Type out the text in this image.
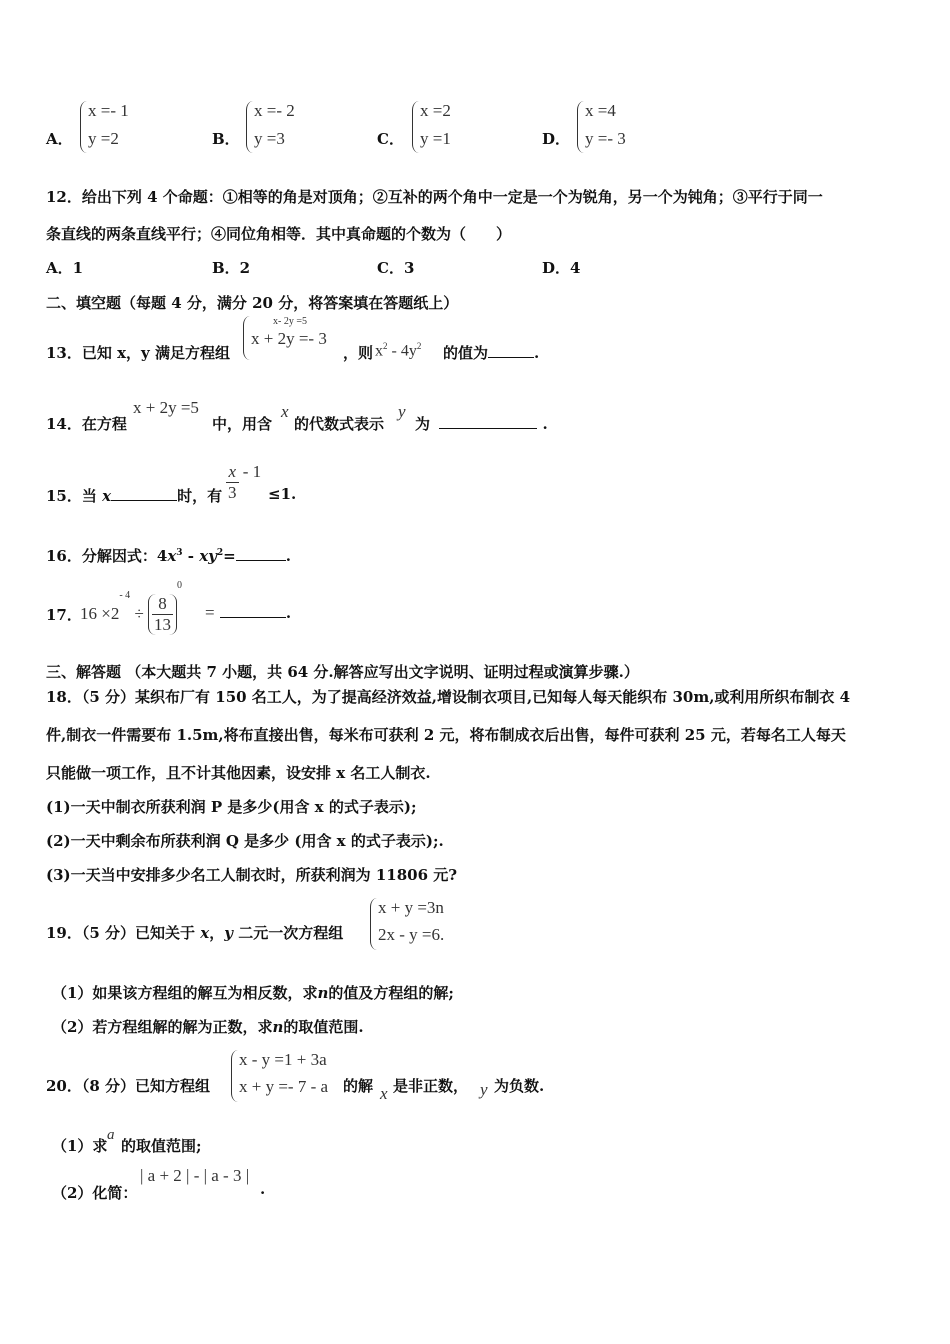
A．
x =- 1
y =2	B．
x =- 2
y =3	C．
x =2
y =1	D．
x =4
y =- 3
12．给出下列 4 个命题：①相等的角是对顶角；②互补的两个角中一定是一个为锐角，另一个为钝角；③平行于同一
条直线的两条直线平行；④同位角相等．其中真命题的个数为（　　）
A．1	B．2	C．3	D．4
二、填空题（每题 4 分，满分 20 分，将答案填在答题纸上）
13．已知 x，y 满足方程组
x- 2y =5
x + 2y =- 3
，则 $x^2 - 4y^2$ 的值为	.
14．在方程
x + 2y =5
中，用含
x
的代数式表示
y
为	.
15．当 x	时，有 $\frac{x}{3} - 1$
≤1.
16．分解因式：$4x^3 - xy^2=$	.
17．
$16 \times 2^{- 4} \div \frac{8}{13}$
$^0$
=	.
三、解答题 （本大题共 7 小题，共 64 分.解答应写出文字说明、证明过程或演算步骤.）
18．（5 分）某织布厂有 150 名工人，为了提高经济效益,增设制衣项目,已知每人每天能织布 30m,或利用所织布制衣 4
件,制衣一件需要布 1.5m,将布直接出售，每米布可获利 2 元，将布制成衣后出售，每件可获利 25 元，若每名工人每天
只能做一项工作，且不计其他因素，设安排 x 名工人制衣.
(1)一天中制衣所获利润 P 是多少(用含 x 的式子表示);
(2)一天中剩余布所获利润 Q 是多少 (用含 x 的式子表示);.
(3)一天当中安排多少名工人制衣时，所获利润为 11806 元?
19．（5 分）已知关于 x，y 二元一次方程组
x + y =3n
2x - y =6.
（1）如果该方程组的解互为相反数，求n的值及方程组的解;
（2）若方程组解的解为正数，求n的取值范围.
20．（8 分）已知方程组
x - y =1 + 3a
x + y =- 7 - a 的解 x 是非正数， y 为负数.
（1）求
a
的取值范围;
（2）化简：
| a + 2 | - | a - 3 |
.
